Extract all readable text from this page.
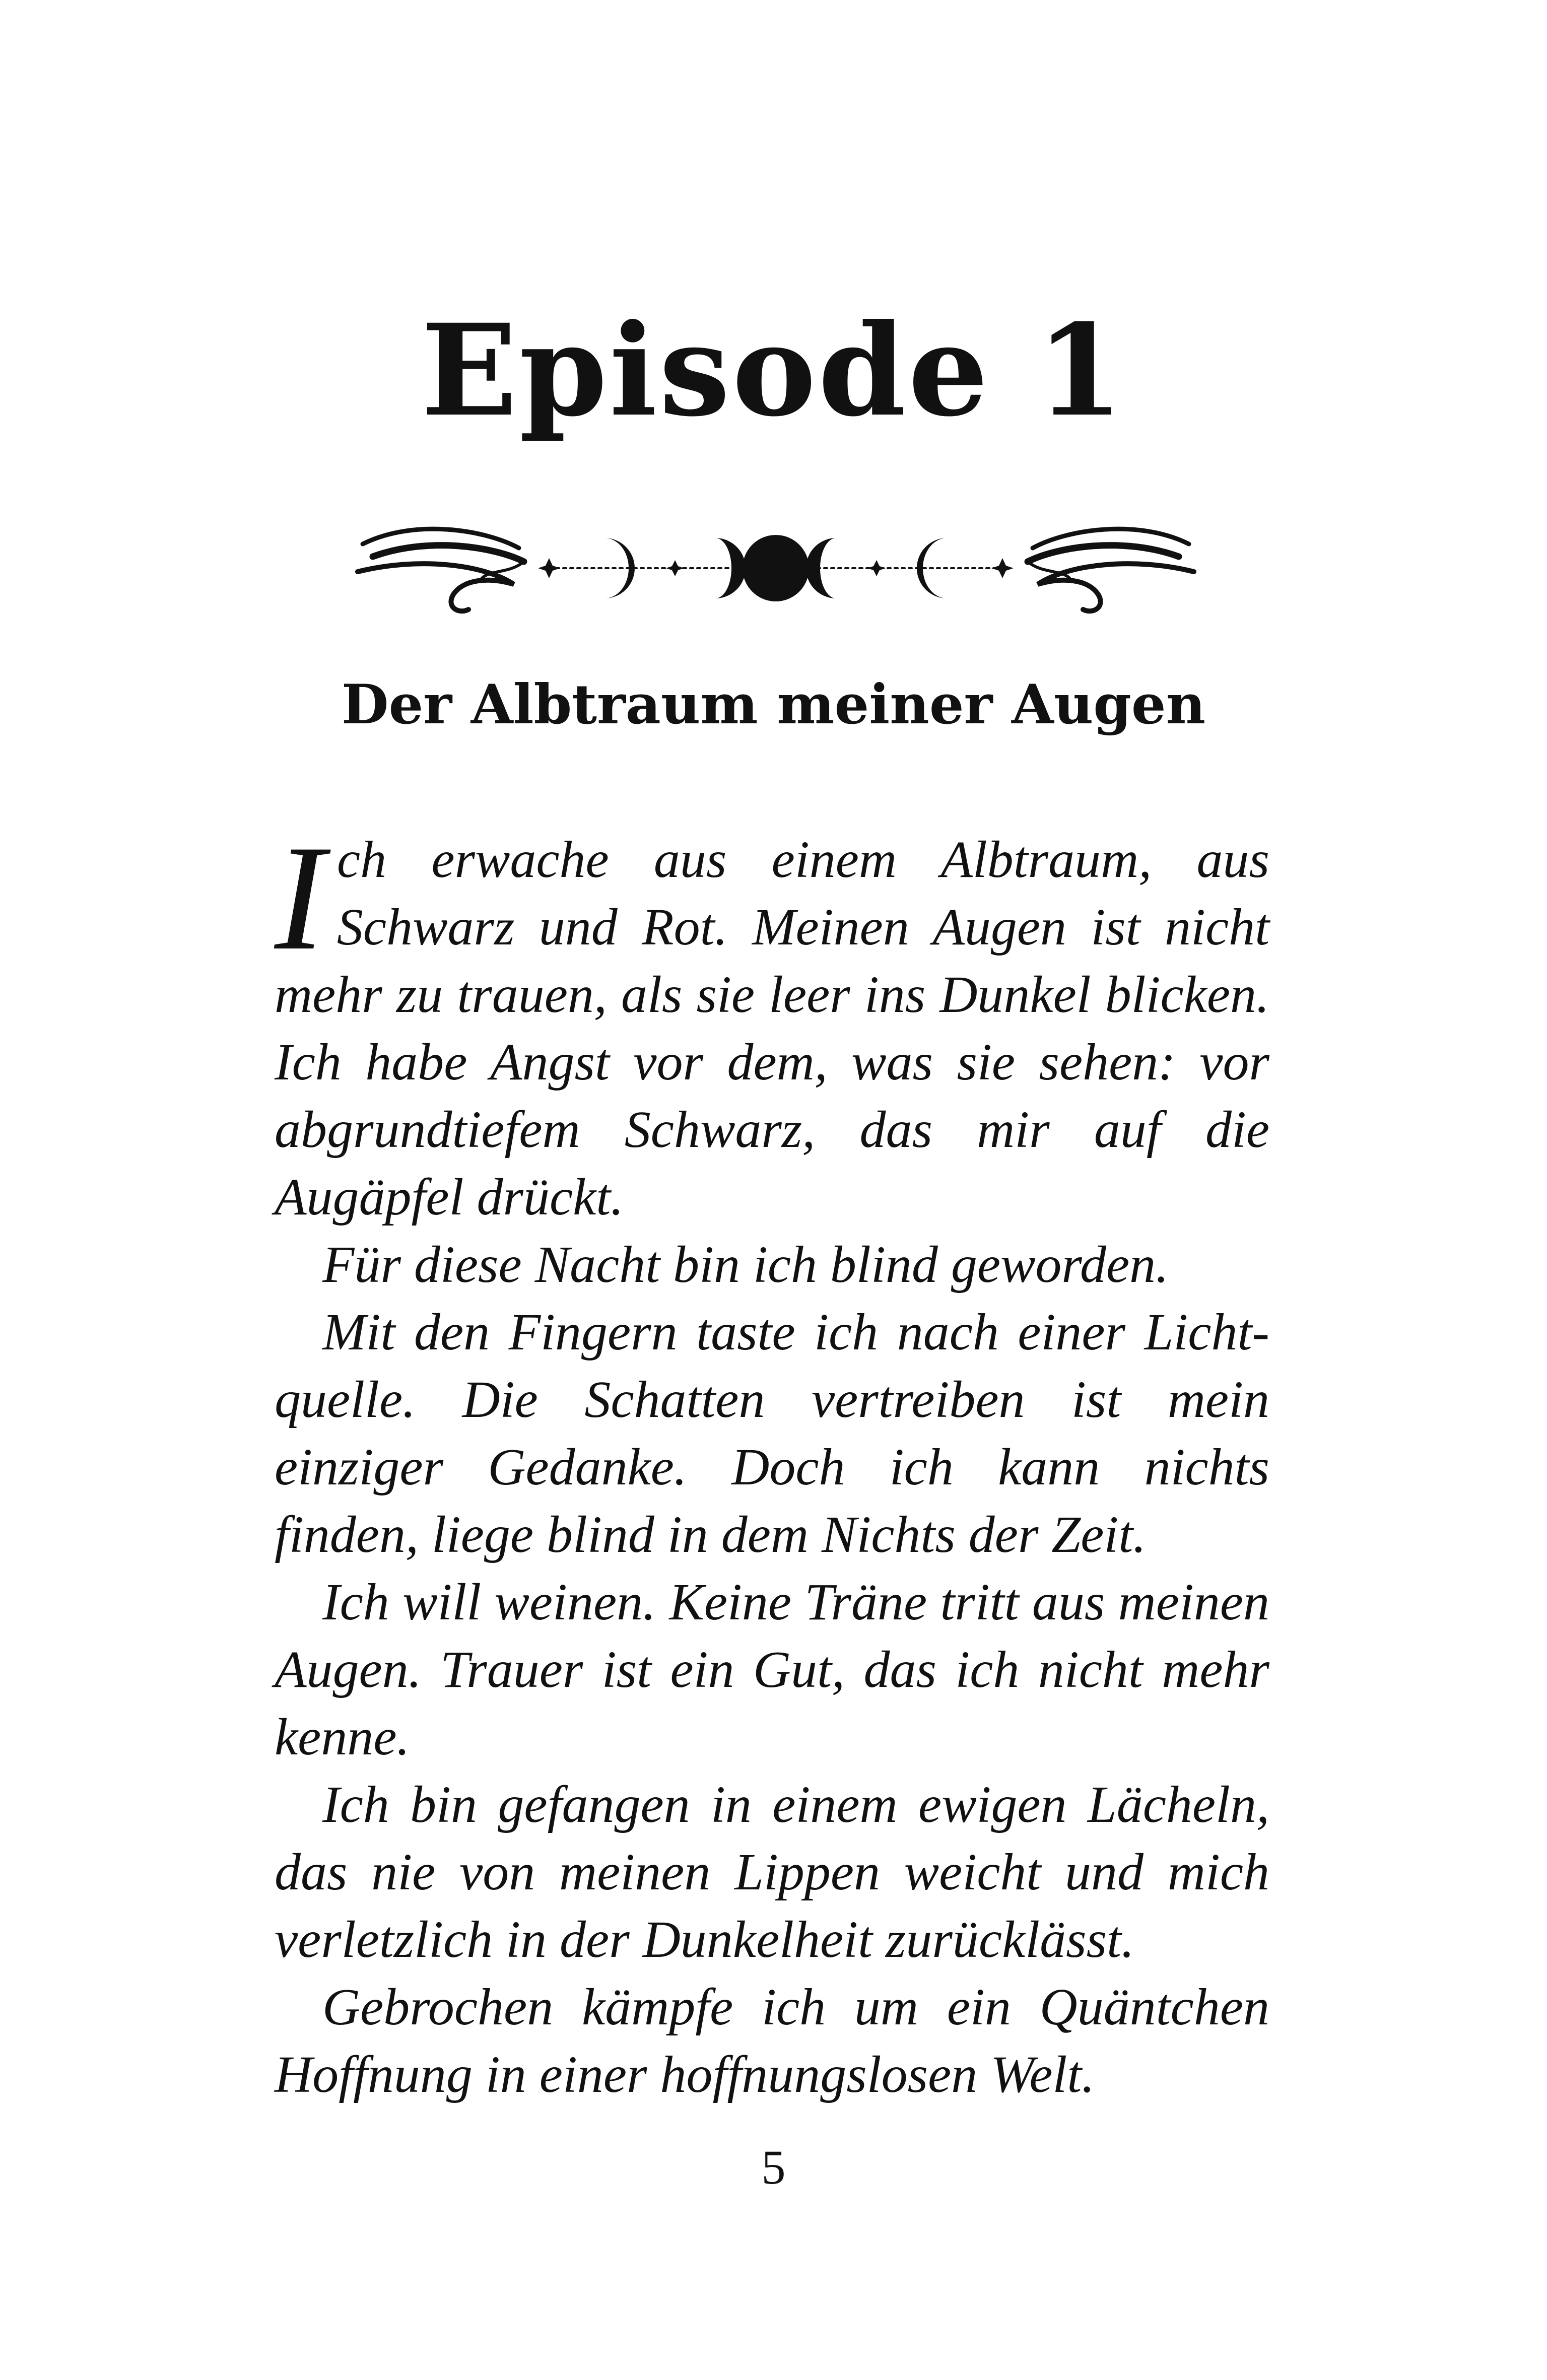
Episode 1
Der Albtraum meiner Augen

Ich erwache aus einem Albtraum, aus Schwarz und Rot. Meinen Augen ist nicht mehr zu trauen, als sie leer ins Dunkel blicken. Ich habe Angst vor dem, was sie sehen: vor abgrundtiefem Schwarz, das mir auf die Augäpfel drückt.

Für diese Nacht bin ich blind geworden.

Mit den Fingern taste ich nach einer Lichtquelle. Die Schatten vertreiben ist mein einziger Gedanke. Doch ich kann nichts finden, liege blind in dem Nichts der Zeit.

Ich will weinen. Keine Träne tritt aus meinen Augen. Trauer ist ein Gut, das ich nicht mehr kenne.

Ich bin gefangen in einem ewigen Lächeln, das nie von meinen Lippen weicht und mich verletzlich in der Dunkelheit zurücklässt.

Gebrochen kämpfe ich um ein Quäntchen Hoffnung in einer hoffnungslosen Welt.

5
